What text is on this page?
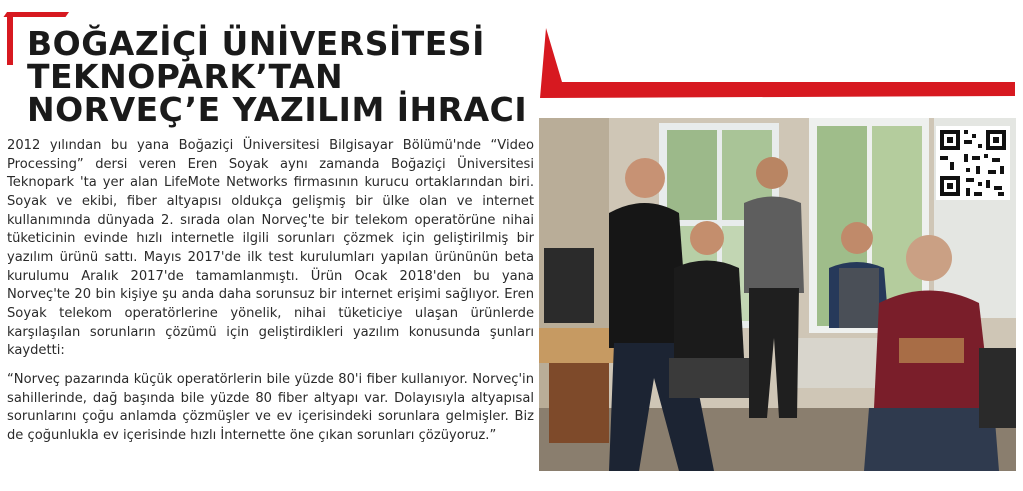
BOĞAZİÇİ ÜNİVERSİTESİ
TEKNOPARK’TAN
NORVEÇ’E YAZILIM İHRACI

2012 yılından bu yana Boğaziçi Üniversitesi Bilgisayar Bölümü'nde “Video Processing” dersi veren Eren Soyak aynı zamanda Boğaziçi Üniversitesi Teknopark 'ta yer alan LifeMote Networks firmasının kurucu ortaklarından biri. Soyak ve ekibi, fiber altyapısı oldukça gelişmiş bir ülke olan ve internet kullanımında dünyada 2. sırada olan Norveç'te bir telekom operatörüne nihai tüketicinin evinde hızlı internetle ilgili sorunları çözmek için geliştirilmiş bir yazılım ürünü sattı. Mayıs 2017'de ilk test kurulumları yapılan ürününün beta kurulumu Aralık 2017'de tamamlanmıştı. Ürün Ocak 2018'den bu yana Norveç'te 20 bin kişiye şu anda daha sorunsuz bir internet erişimi sağlıyor. Eren Soyak telekom operatörlerine yönelik, nihai tüketiciye ulaşan ürünlerde karşılaşılan sorunların çözümü için geliştirdikleri yazılım konusunda şunları kaydetti:

“Norveç pazarında küçük operatörlerin bile yüzde 80'i fiber kullanıyor. Norveç'in sahillerinde, dağ başında bile yüzde 80 fiber altyapı var. Dolayısıyla altyapısal sorunlarını çoğu anlamda çözmüşler ve ev içerisindeki sorunlara gelmişler. Biz de çoğunlukla ev içerisinde hızlı İnternette öne çıkan sorunları çözüyoruz.”
